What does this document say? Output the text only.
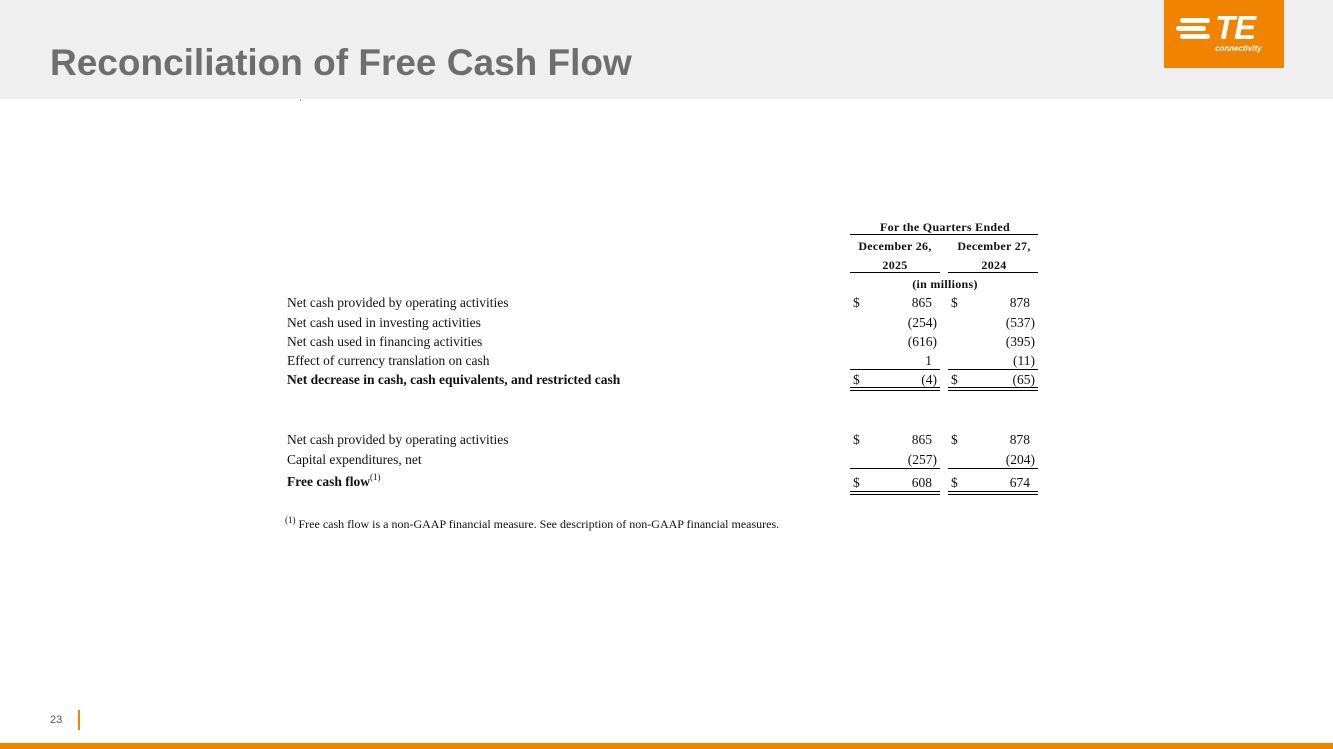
Reconciliation of Free Cash Flow
TE
connectivity
For the Quarters Ended
December 26,
2025
December 27,
2024
(in millions)
Net cash provided by operating activities	$	865 $	878
Net cash used in investing activities	(254)	(537)
Net cash used in financing activities	(616)	(395)
Effect of currency translation on cash	1	(11)
Net decrease in cash, cash equivalents, and restricted cash	$	(4) $	(65)
Net cash provided by operating activities	$	865 $	878
Capital expenditures, net	(257)	(204)
Free cash flow$^{(1)}$	$	608 $	674
$^{(1)}$ Free cash flow is a non-GAAP financial measure. See description of non-GAAP financial measures.
23
